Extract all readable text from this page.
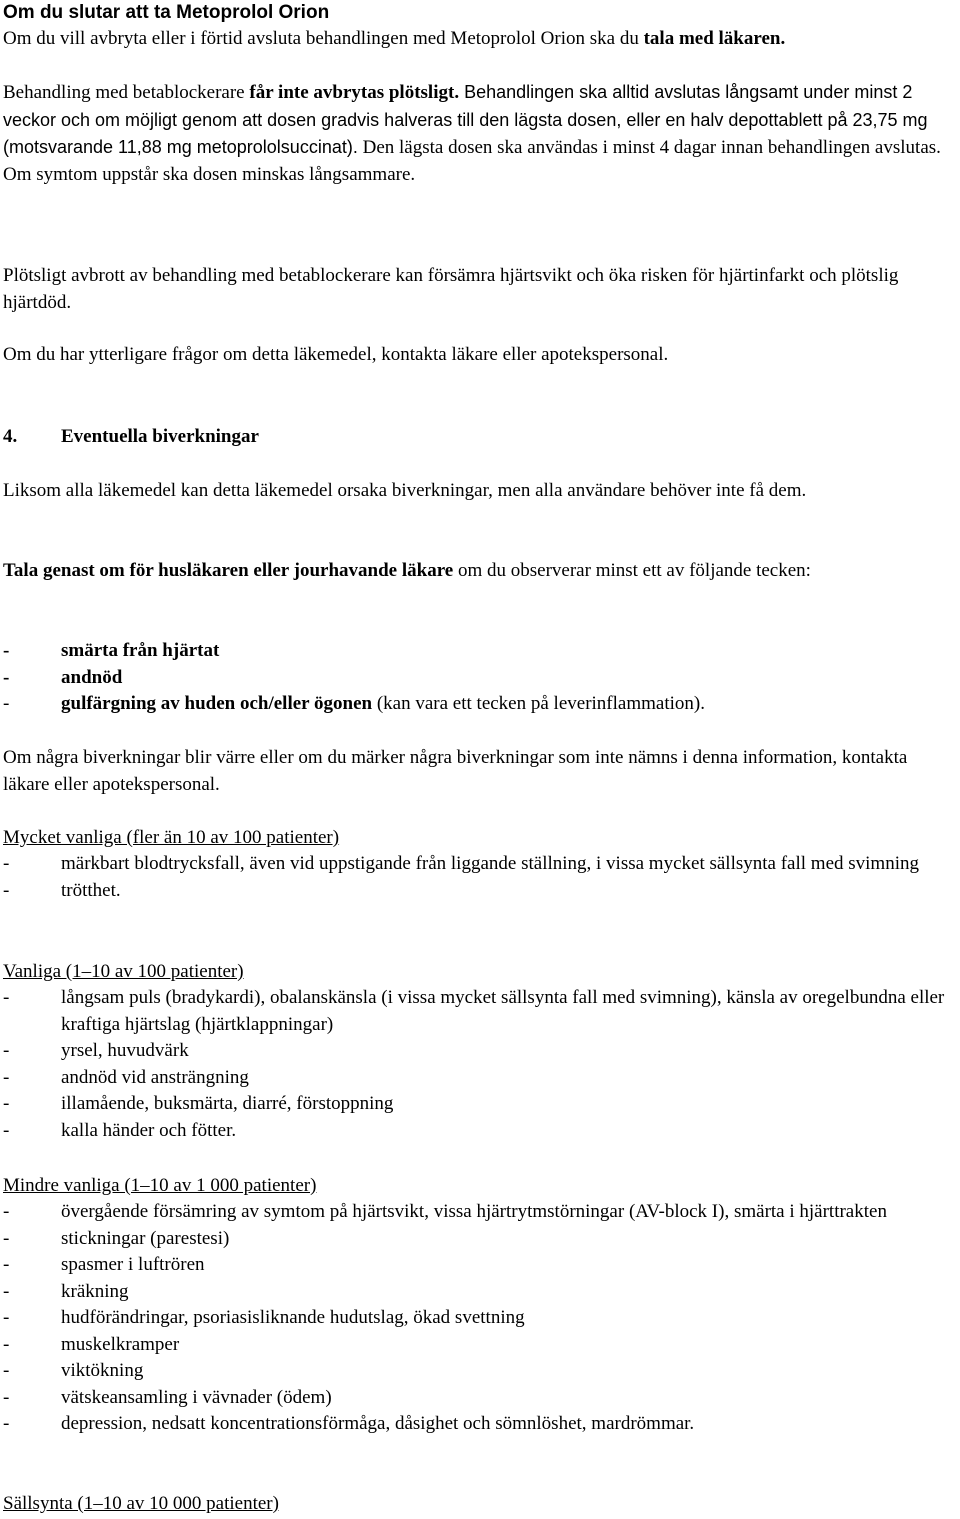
Om du slutar att ta Metoprolol Orion

Om du vill avbryta eller i förtid avsluta behandlingen med Metoprolol Orion ska du tala med läkaren.

Behandling med betablockerare får inte avbrytas plötsligt. Behandlingen ska alltid avslutas långsamt under minst 2 veckor och om möjligt genom att dosen gradvis halveras till den lägsta dosen, eller en halv depottablett på 23,75 mg (motsvarande 11,88 mg metoprololsuccinat). Den lägsta dosen ska användas i minst 4 dagar innan behandlingen avslutas. Om symtom uppstår ska dosen minskas långsammare.

Plötsligt avbrott av behandling med betablockerare kan försämra hjärtsvikt och öka risken för hjärtinfarkt och plötslig hjärtdöd.

Om du har ytterligare frågor om detta läkemedel, kontakta läkare eller apotekspersonal.

4. Eventuella biverkningar

Liksom alla läkemedel kan detta läkemedel orsaka biverkningar, men alla användare behöver inte få dem.

Tala genast om för husläkaren eller jourhavande läkare om du observerar minst ett av följande tecken:

- smärta från hjärtat
- andnöd
- gulfärgning av huden och/eller ögonen (kan vara ett tecken på leverinflammation).

Om några biverkningar blir värre eller om du märker några biverkningar som inte nämns i denna information, kontakta läkare eller apotekspersonal.

Mycket vanliga (fler än 10 av 100 patienter)

- märkbart blodtrycksfall, även vid uppstigande från liggande ställning, i vissa mycket sällsynta fall med svimning
- trötthet.

Vanliga (1–10 av 100 patienter)

- långsam puls (bradykardi), obalanskänsla (i vissa mycket sällsynta fall med svimning), känsla av oregelbundna eller kraftiga hjärtslag (hjärtklappningar)
- yrsel, huvudvärk
- andnöd vid ansträngning
- illamående, buksmärta, diarré, förstoppning
- kalla händer och fötter.

Mindre vanliga (1–10 av 1 000 patienter)

- övergående försämring av symtom på hjärtsvikt, vissa hjärtrytmstörningar (AV-block I), smärta i hjärttrakten
- stickningar (parestesi)
- spasmer i luftrören
- kräkning
- hudförändringar, psoriasisliknande hudutslag, ökad svettning
- muskelkramper
- viktökning
- vätskeansamling i vävnader (ödem)
- depression, nedsatt koncentrationsförmåga, dåsighet och sömnlöshet, mardrömmar.

Sällsynta (1–10 av 10 000 patienter)
